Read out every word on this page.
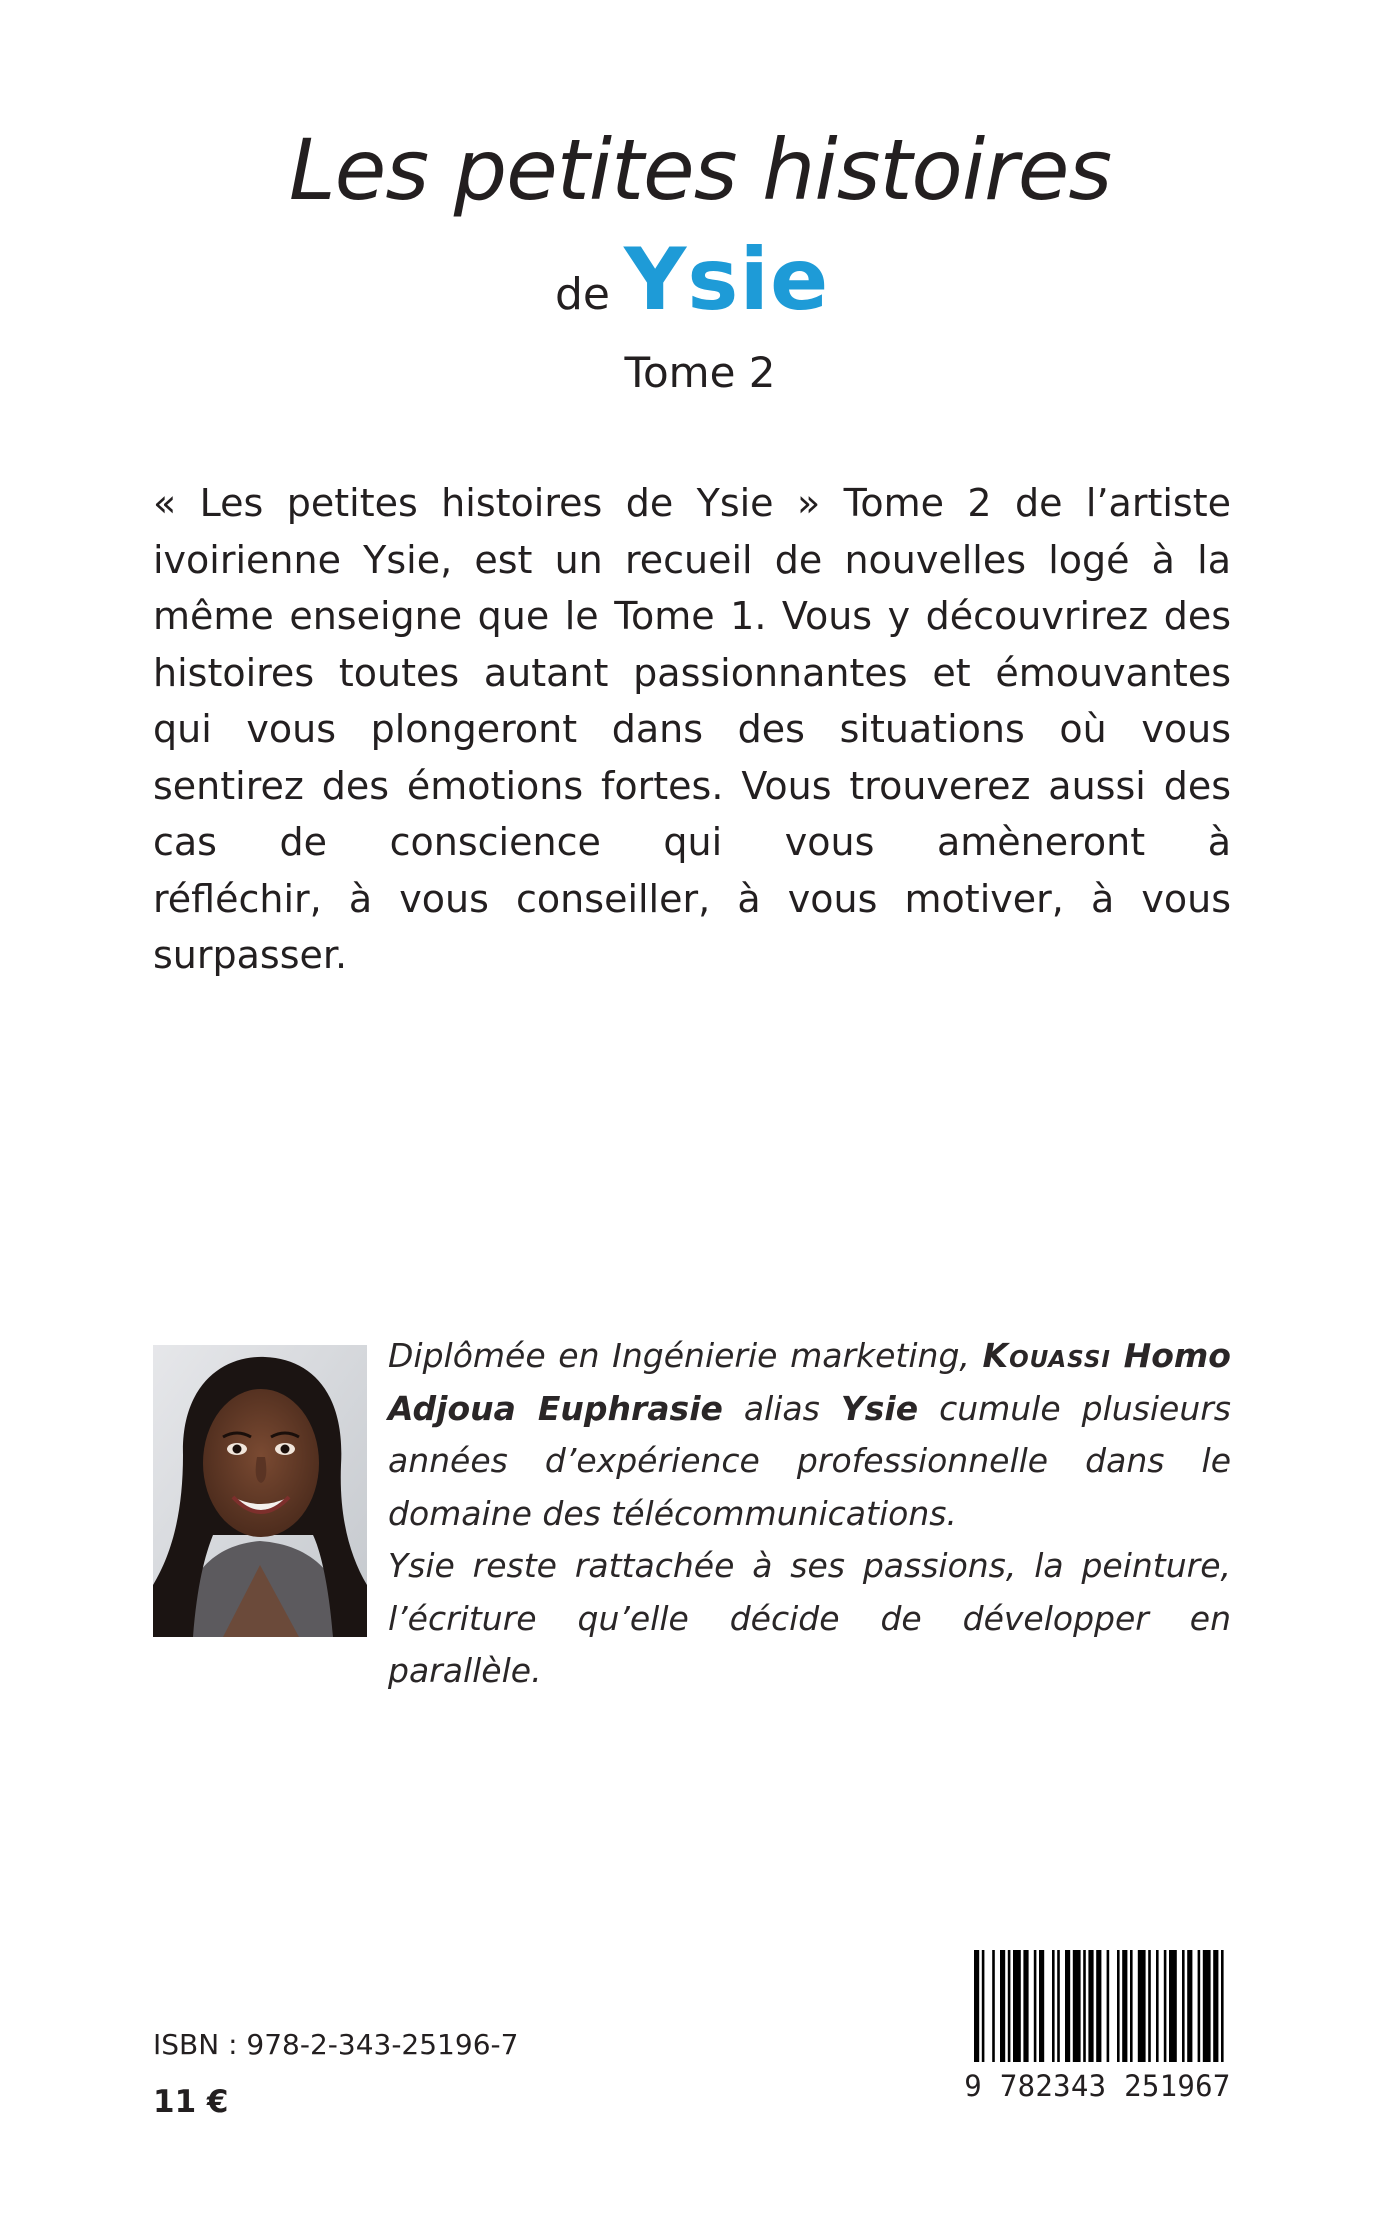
Les petites histoires
de Ysie
Tome 2
« Les petites histoires de Ysie » Tome 2 de l’artiste ivoirienne Ysie, est un recueil de nouvelles logé à la même enseigne que le Tome 1. Vous y découvrirez des histoires toutes autant passionnantes et émouvantes qui vous plongeront dans des situations où vous sentirez des émotions fortes. Vous trouverez aussi des cas de conscience qui vous amèneront à
réfléchir, à vous conseiller, à vous motiver, à vous surpasser.

Diplômée en Ingénierie marketing, Kouassi Homo Adjoua Euphrasie alias Ysie cumule plusieurs années d’expérience professionnelle dans le domaine des télécommunications.

Ysie reste rattachée à ses passions, la peinture, l’écriture qu’elle décide de développer en parallèle.

ISBN : 978-2-343-25196-7
11 €	9 782343 251967
